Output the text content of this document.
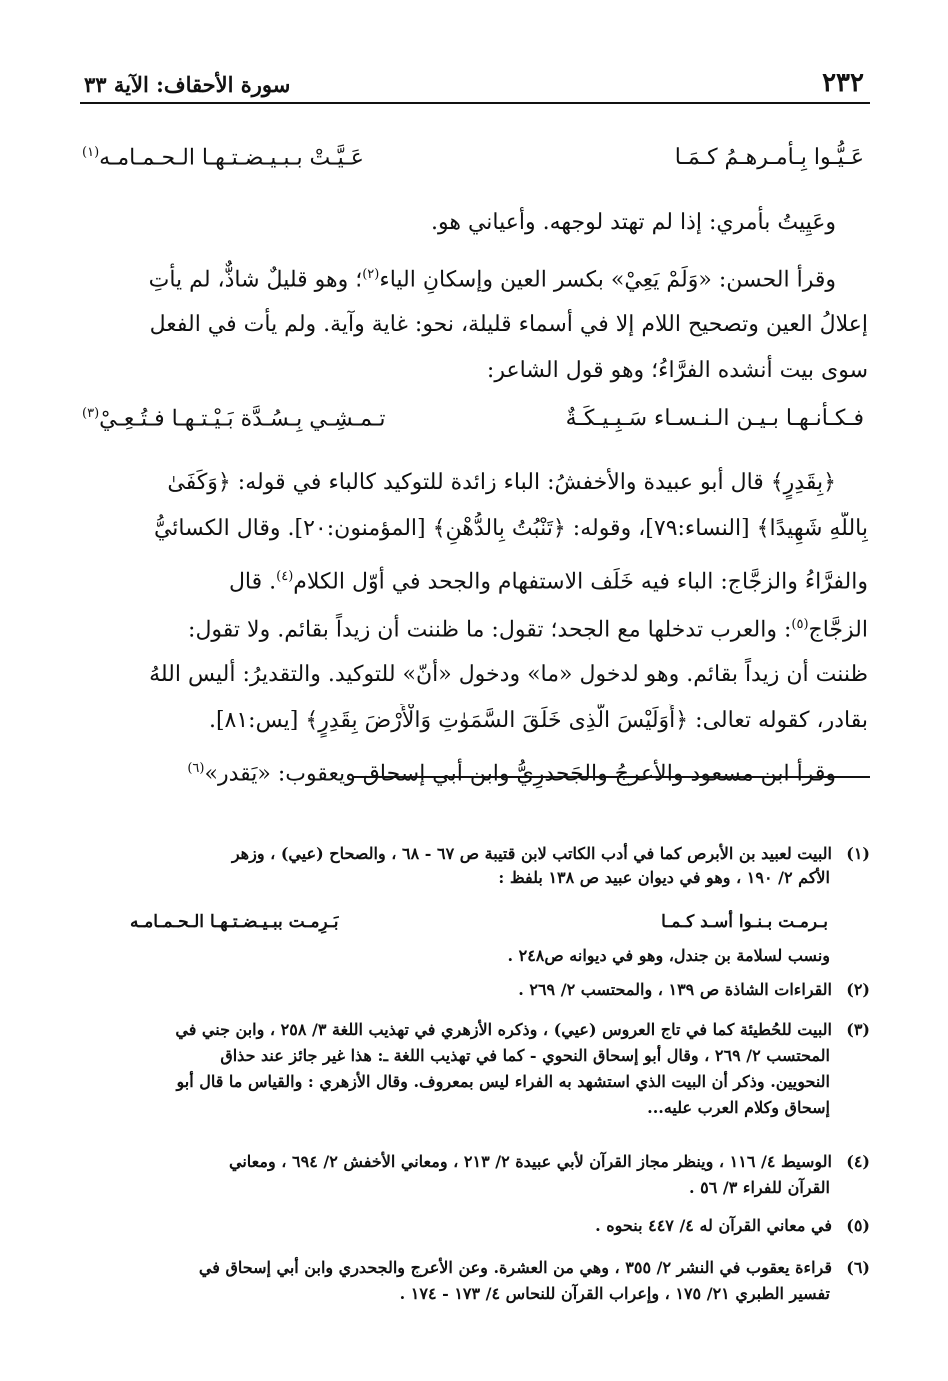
٢٣٢
سورة الأحقاف: الآية ٣٣
عَـيُّـوا بِـأمـرهـمُ كـمَـا
عَـيَّـتْ بـبـيـضـتـهـا الـحـمـامـه$^{(١)}$
وعَيِيتُ بأمري: إذا لم تهتد لوجهه. وأعياني هو.
وقرأ الحسن: «وَلَمْ يَعِيْ» بكسر العين وإسكانِ الياء$^{(٢)}$؛ وهو قليلٌ شاذٌّ، لم يأتِ
إعلالُ العين وتصحيح اللام إلا في أسماء قليلة، نحو: غاية وآية. ولم يأت في الفعل
سوى بيت أنشده الفرَّاءُ؛ وهو قول الشاعر:
فـكـأنـهـا بـيـن الـنـسـاء سَـبِـيـكَـةٌ
تـمـشِـي بِـسُـدَّة بَـيْـتـهـا فـتُـعِـيْ$^{(٣)}$
﴿بِقَدِرٍ﴾ قال أبو عبيدة والأخفشُ: الباء زائدة للتوكيد كالباء في قوله: ﴿وَكَفَىٰ
بِاللَّهِ شَهِيدًا﴾ [النساء:٧٩]، وقوله: ﴿تَنْبُتُ بِالدُّهْنِ﴾ [المؤمنون:٢٠]. وقال الكسائيُّ
والفرَّاءُ والزجَّاج: الباء فيه خَلَف الاستفهام والجحد في أوّل الكلام$^{(٤)}$. قال
الزجَّاج$^{(٥)}$: والعرب تدخلها مع الجحد؛ تقول: ما ظننت أن زيداً بقائم. ولا تقول:
ظننت أن زيداً بقائم. وهو لدخول «ما» ودخول «أنّ» للتوكيد. والتقديرُ: أليس اللهُ
بقادر، كقوله تعالى: ﴿أَوَلَيْسَ الَّذِى خَلَقَ السَّمَوٰتِ وَالْأَرْضَ بِقَدِرٍ﴾ [يس:٨١].
وقرأ ابن مسعود والأعرجُ والجَحدرِيُّ وابن أبي إسحاق ويعقوب: «يَقدر»$^{(٦)}$
(١)البيت لعبيد بن الأبرص كما في أدب الكاتب لابن قتيبة ص ٦٧ - ٦٨ ، والصحاح (عيي) ، وزهر
الأكم ٢/ ١٩٠ ، وهو في ديوان عبيد ص ١٣٨ بلفظ :
بـرمـت بـنـوا أسـد كـمـا
بَـرِمـت ببـيـضـتـهـا الـحـمـامـه
ونسب لسلامة بن جندل، وهو في ديوانه ص٢٤٨ .
(٢)القراءات الشاذة ص ١٣٩ ، والمحتسب ٢/ ٢٦٩ .
(٣)البيت للحُطيئة كما في تاج العروس (عيي) ، وذكره الأزهري في تهذيب اللغة ٣/ ٢٥٨ ، وابن جني في
المحتسب ٢/ ٢٦٩ ، وقال أبو إسحاق النحوي - كما في تهذيب اللغة ـ: هذا غير جائز عند حذاق
النحويين. وذكر أن البيت الذي استشهد به الفراء ليس بمعروف. وقال الأزهري : والقياس ما قال أبو
إسحاق وكلام العرب عليه...
(٤)الوسيط ٤/ ١١٦ ، وينظر مجاز القرآن لأبي عبيدة ٢/ ٢١٣ ، ومعاني الأخفش ٢/ ٦٩٤ ، ومعاني
القرآن للفراء ٣/ ٥٦ .
(٥)في معاني القرآن له ٤/ ٤٤٧ بنحوه .
(٦)قراءة يعقوب في النشر ٢/ ٣٥٥ ، وهي من العشرة. وعن الأعرج والجحدري وابن أبي إسحاق في
تفسير الطبري ٢١/ ١٧٥ ، وإعراب القرآن للنحاس ٤/ ١٧٣ - ١٧٤ .
